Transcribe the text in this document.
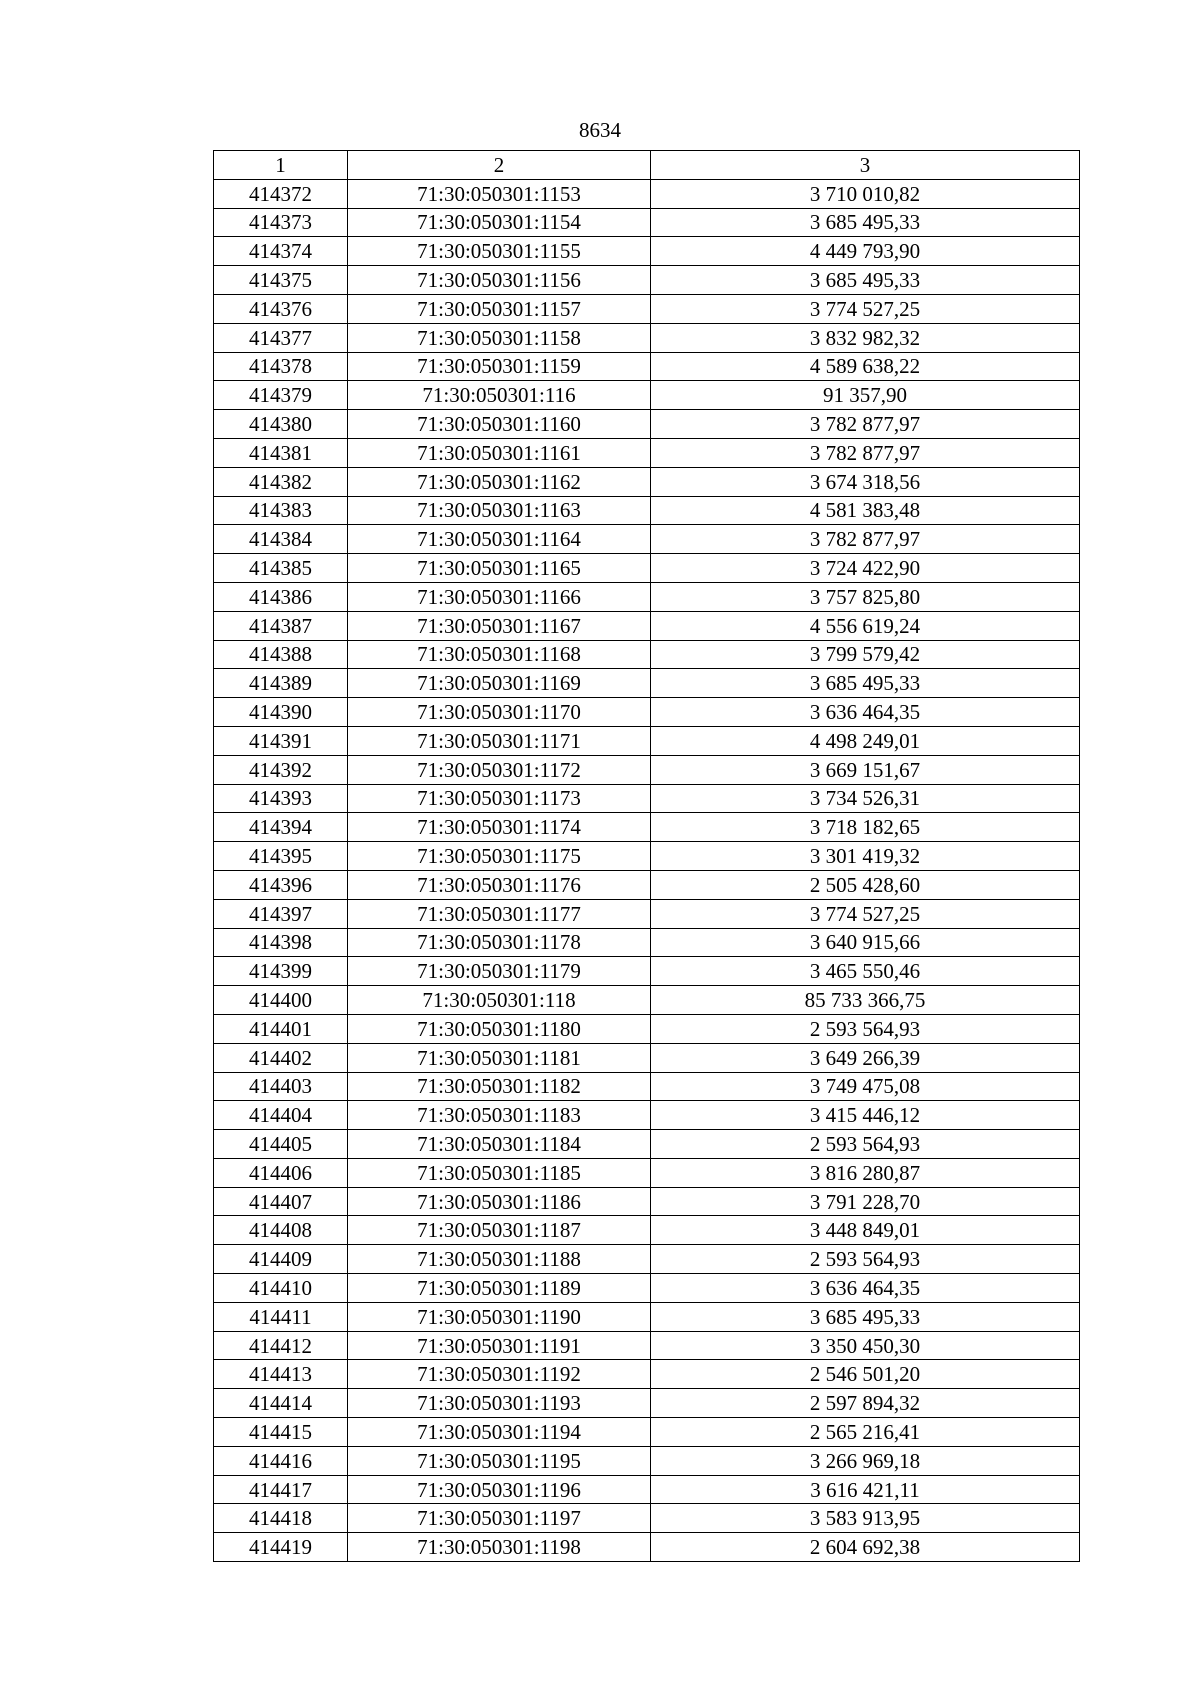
8634
1	2	3
414372	71:30:050301:1153	3 710 010,82
414373	71:30:050301:1154	3 685 495,33
414374	71:30:050301:1155	4 449 793,90
414375	71:30:050301:1156	3 685 495,33
414376	71:30:050301:1157	3 774 527,25
414377	71:30:050301:1158	3 832 982,32
414378	71:30:050301:1159	4 589 638,22
414379	71:30:050301:116	91 357,90
414380	71:30:050301:1160	3 782 877,97
414381	71:30:050301:1161	3 782 877,97
414382	71:30:050301:1162	3 674 318,56
414383	71:30:050301:1163	4 581 383,48
414384	71:30:050301:1164	3 782 877,97
414385	71:30:050301:1165	3 724 422,90
414386	71:30:050301:1166	3 757 825,80
414387	71:30:050301:1167	4 556 619,24
414388	71:30:050301:1168	3 799 579,42
414389	71:30:050301:1169	3 685 495,33
414390	71:30:050301:1170	3 636 464,35
414391	71:30:050301:1171	4 498 249,01
414392	71:30:050301:1172	3 669 151,67
414393	71:30:050301:1173	3 734 526,31
414394	71:30:050301:1174	3 718 182,65
414395	71:30:050301:1175	3 301 419,32
414396	71:30:050301:1176	2 505 428,60
414397	71:30:050301:1177	3 774 527,25
414398	71:30:050301:1178	3 640 915,66
414399	71:30:050301:1179	3 465 550,46
414400	71:30:050301:118	85 733 366,75
414401	71:30:050301:1180	2 593 564,93
414402	71:30:050301:1181	3 649 266,39
414403	71:30:050301:1182	3 749 475,08
414404	71:30:050301:1183	3 415 446,12
414405	71:30:050301:1184	2 593 564,93
414406	71:30:050301:1185	3 816 280,87
414407	71:30:050301:1186	3 791 228,70
414408	71:30:050301:1187	3 448 849,01
414409	71:30:050301:1188	2 593 564,93
414410	71:30:050301:1189	3 636 464,35
414411	71:30:050301:1190	3 685 495,33
414412	71:30:050301:1191	3 350 450,30
414413	71:30:050301:1192	2 546 501,20
414414	71:30:050301:1193	2 597 894,32
414415	71:30:050301:1194	2 565 216,41
414416	71:30:050301:1195	3 266 969,18
414417	71:30:050301:1196	3 616 421,11
414418	71:30:050301:1197	3 583 913,95
414419	71:30:050301:1198	2 604 692,38
